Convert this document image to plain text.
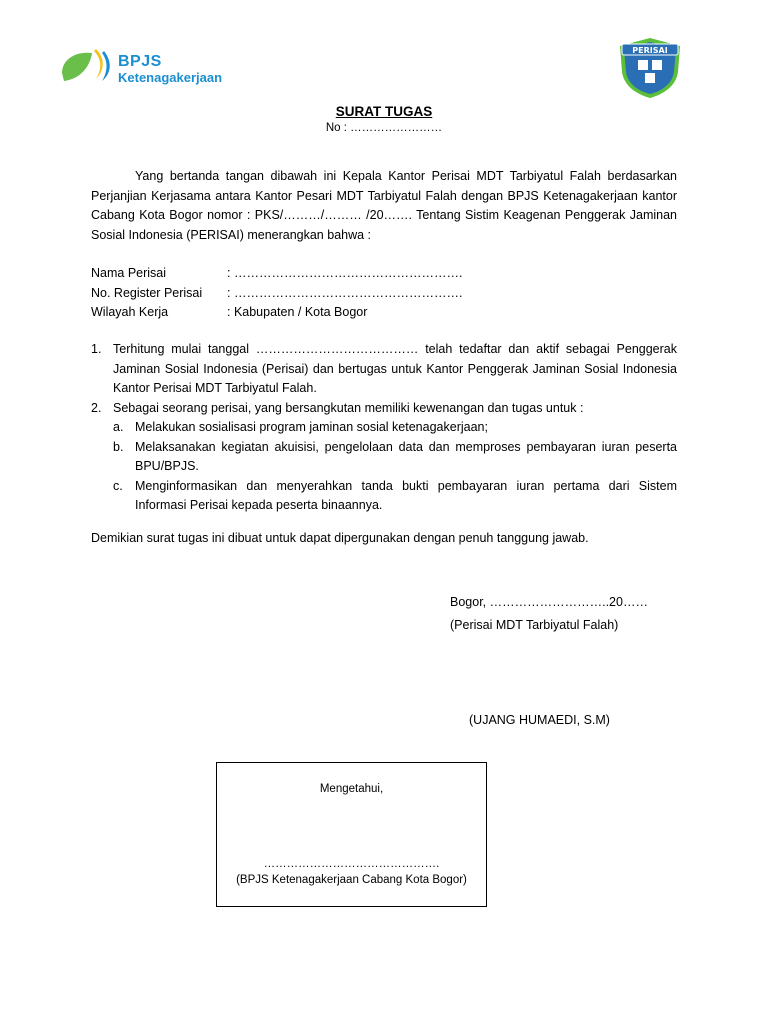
BPJS
Ketenagakerjaan
PERISAI
SURAT TUGAS
No : ……………………
Yang bertanda tangan dibawah ini Kepala Kantor Perisai MDT Tarbiyatul Falah berdasarkan Perjanjian Kerjasama antara Kantor Pesari MDT Tarbiyatul Falah dengan BPJS Ketenagakerjaan kantor Cabang Kota Bogor nomor : PKS/………/……… /20……. Tentang Sistim Keagenan Penggerak Jaminan Sosial Indonesia (PERISAI) menerangkan bahwa :
Nama Perisai	: ……………………………………………….
No. Register Perisai	: ……………………………………………….
Wilayah Kerja	: Kabupaten / Kota Bogor
1. Terhitung mulai tanggal ………………………………… telah tedaftar dan aktif sebagai Penggerak Jaminan Sosial Indonesia (Perisai) dan bertugas untuk Kantor Penggerak Jaminan Sosial Indonesia Kantor Perisai MDT Tarbiyatul Falah.
2. Sebagai seorang perisai, yang bersangkutan memiliki kewenangan dan tugas untuk :
a. Melakukan sosialisasi program jaminan sosial ketenagakerjaan;
b. Melaksanakan kegiatan akuisisi, pengelolaan data dan memproses pembayaran iuran peserta BPU/BPJS.
c. Menginformasikan dan menyerahkan tanda bukti pembayaran iuran pertama dari Sistem Informasi Perisai kepada peserta binaannya.
Demikian surat tugas ini dibuat untuk dapat dipergunakan dengan penuh tanggung jawab.
Bogor, ………………………..20……
(Perisai MDT Tarbiyatul Falah)
(UJANG HUMAEDI, S.M)
Mengetahui,
……………………………………….
(BPJS Ketenagakerjaan Cabang Kota Bogor)
